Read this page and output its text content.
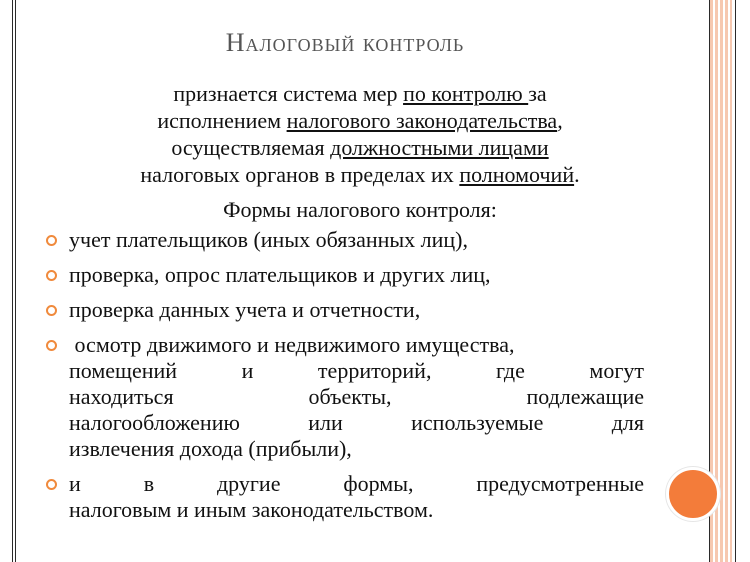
Налоговый контроль
признается система мер по контролю за
исполнением налогового законодательства,
осуществляемая должностными лицами
налоговых органов в пределах их полномочий.
Формы налогового контроля:
учет плательщиков (иных обязанных лиц),
проверка, опрос плательщиков и других лиц,
проверка данных учета и отчетности,
осмотр движимого и недвижимого имущества,
помещений и территорий, где могут
находиться объекты, подлежащие
налогообложению или используемые для
извлечения дохода (прибыли),
и в другие формы, предусмотренные
налоговым и иным законодательством.
